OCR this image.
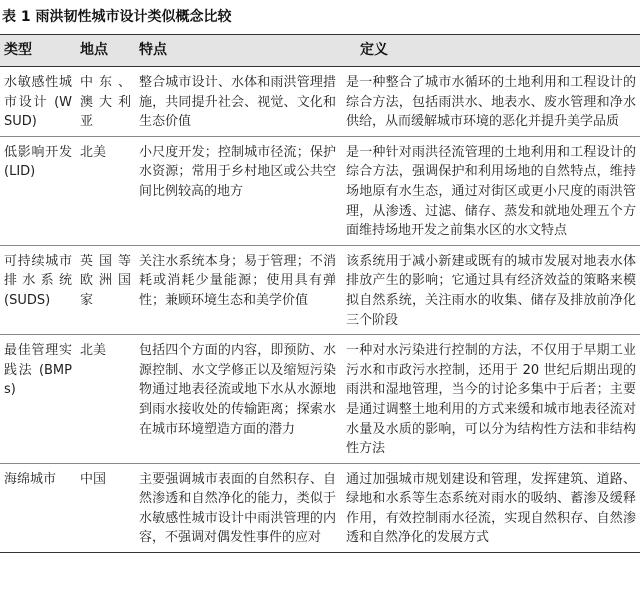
表 1 雨洪韧性城市设计类似概念比较
类型	地点	特点	定义
水敏感性城市设计 (WSUD)	中东、澳大利亚	整合城市设计、水体和雨洪管理措施，共同提升社会、视觉、文化和生态价值	是一种整合了城市水循环的土地利用和工程设计的综合方法，包括雨洪水、地表水、废水管理和净水供给，从而缓解城市环境的恶化并提升美学品质
低影响开发 (LID)	北美	小尺度开发；控制城市径流；保护水资源；常用于乡村地区或公共空间比例较高的地方	是一种针对雨洪径流管理的土地利用和工程设计的综合方法，强调保护和利用场地的自然特点，维持场地原有水生态，通过对街区或更小尺度的雨洪管理，从渗透、过滤、储存、蒸发和就地处理五个方面维持场地开发之前集水区的水文特点
可持续城市排水系统 (SUDS)	英国等欧洲国家	关注水系统本身；易于管理；不消耗或消耗少量能源；使用具有弹性；兼顾环境生态和美学价值	该系统用于减小新建或既有的城市发展对地表水体排放产生的影响；它通过具有经济效益的策略来模拟自然系统，关注雨水的收集、储存及排放前净化三个阶段
最佳管理实践法 (BMPs)	北美	包括四个方面的内容，即预防、水源控制、水文学修正以及缩短污染物通过地表径流或地下水从水源地到雨水接收处的传输距离；探索水在城市环境塑造方面的潜力	一种对水污染进行控制的方法，不仅用于早期工业污水和市政污水控制，还用于 20 世纪后期出现的雨洪和湿地管理，当今的讨论多集中于后者；主要是通过调整土地利用的方式来缓和城市地表径流对水量及水质的影响，可以分为结构性方法和非结构性方法
海绵城市	中国	主要强调城市表面的自然积存、自然渗透和自然净化的能力，类似于水敏感性城市设计中雨洪管理的内容，不强调对偶发性事件的应对	通过加强城市规划建设和管理，发挥建筑、道路、绿地和水系等生态系统对雨水的吸纳、蓄渗及缓释作用，有效控制雨水径流，实现自然积存、自然渗透和自然净化的发展方式
